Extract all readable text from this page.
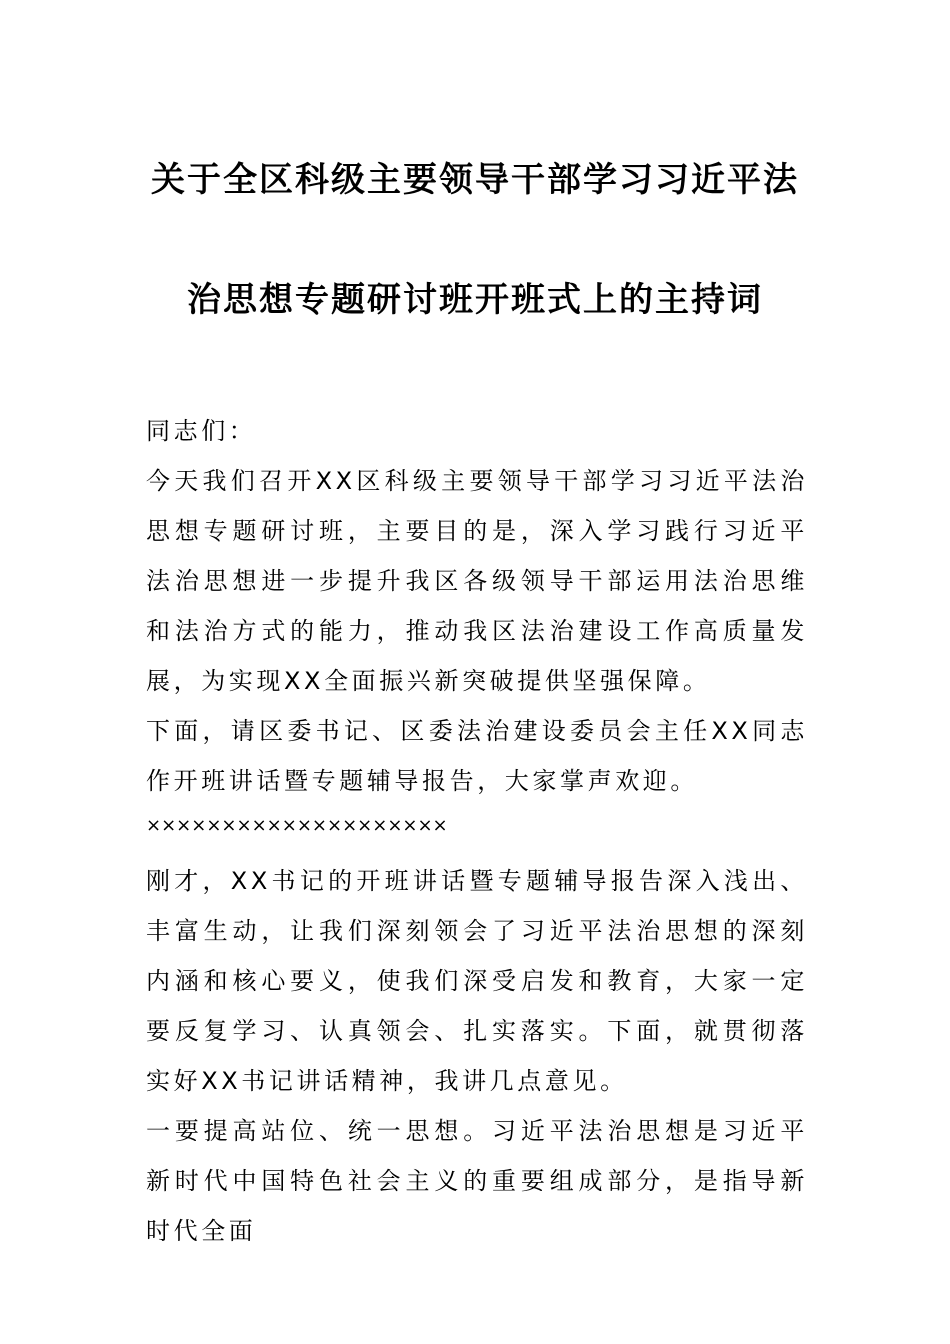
关于全区科级主要领导干部学习习近平法
治思想专题研讨班开班式上的主持词

同志们：

今天我们召开XX区科级主要领导干部学习习近平法治思想专题研讨班，主要目的是，深入学习践行习近平法治思想进一步提升我区各级领导干部运用法治思维和法治方式的能力，推动我区法治建设工作高质量发展，为实现XX全面振兴新突破提供坚强保障。

下面，请区委书记、区委法治建设委员会主任XX同志作开班讲话暨专题辅导报告，大家掌声欢迎。

××××××××××××××××××××

刚才，XX书记的开班讲话暨专题辅导报告深入浅出、丰富生动，让我们深刻领会了习近平法治思想的深刻内涵和核心要义，使我们深受启发和教育，大家一定要反复学习、认真领会、扎实落实。下面，就贯彻落实好XX书记讲话精神，我讲几点意见。

一要提高站位、统一思想。习近平法治思想是习近平新时代中国特色社会主义的重要组成部分，是指导新时代全面
